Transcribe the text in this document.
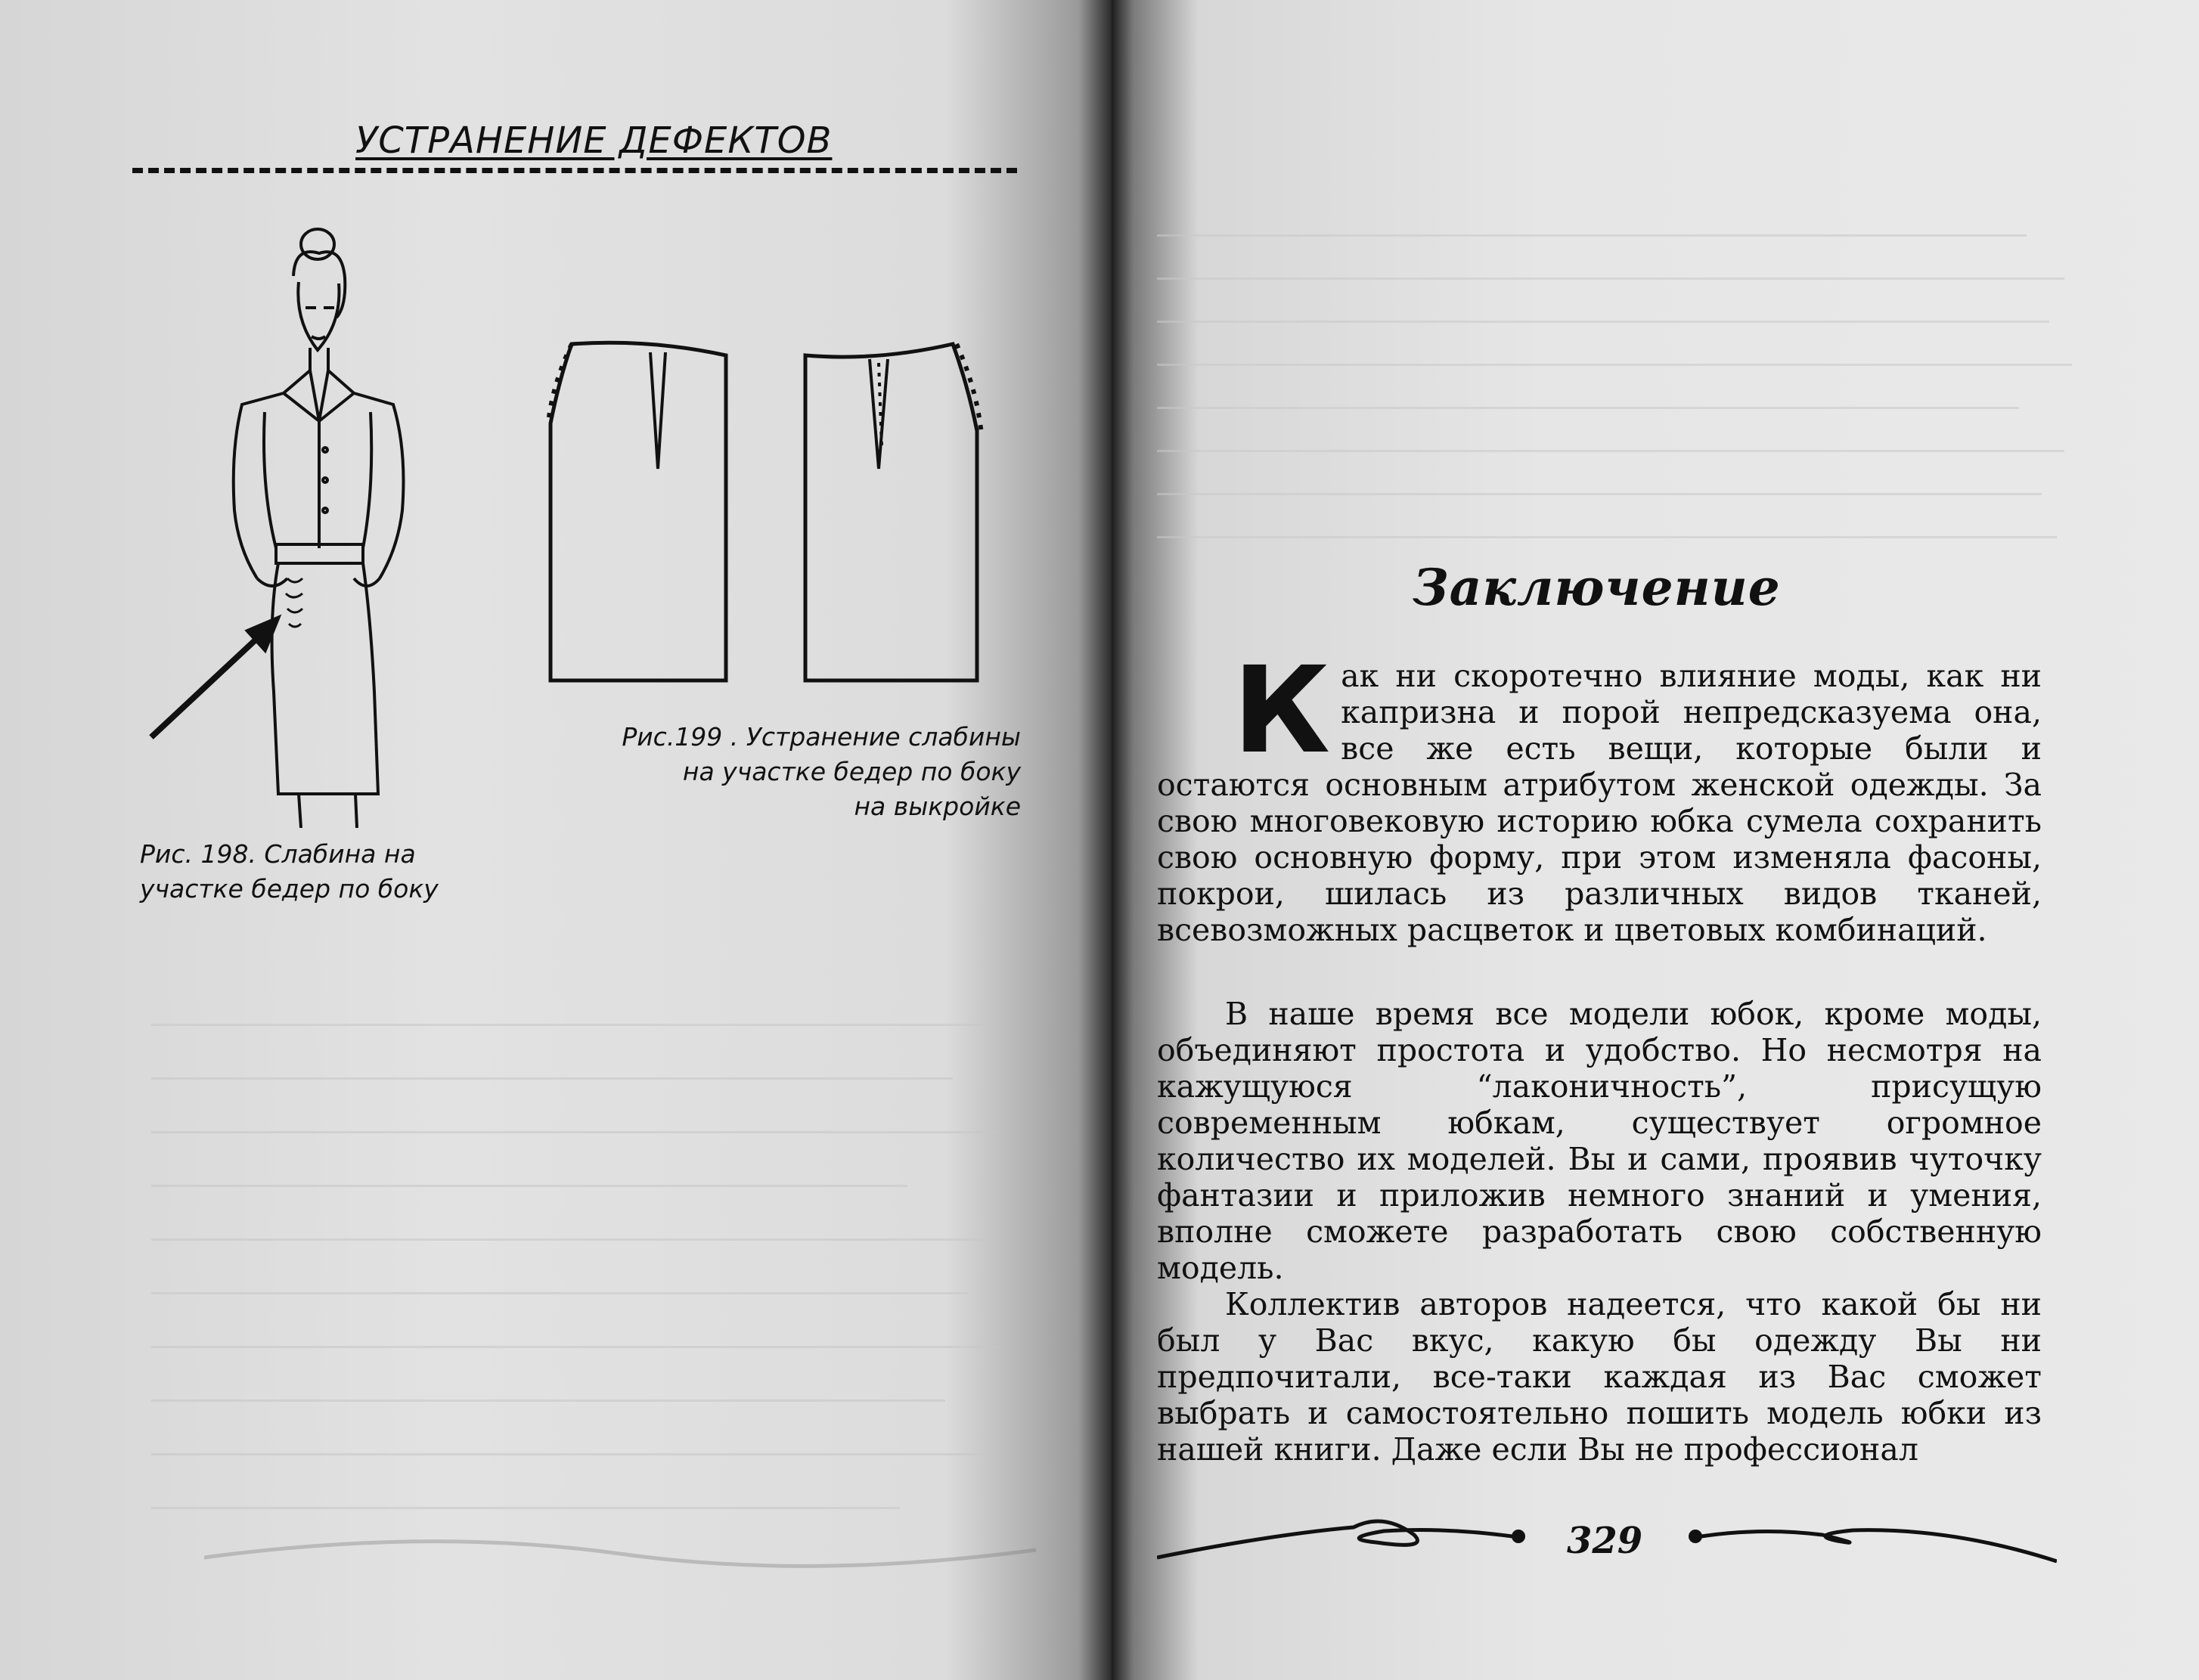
УСТРАНЕНИЕ ДЕФЕКТОВ
Рис. 198. Слабина на
участке бедер по боку
Рис.199 . Устранение слабины
на участке бедер по боку
на выкройке
Заключение
К ак ни скоротечно влияние моды, как ни капризна и порой непредсказуема она, все же есть вещи, которые были и остаются основным атрибутом женской одежды. За свою многовековую историю юбка сумела сохранить свою основную форму, при этом изменяла фасоны, покрои, шилась из различных видов тканей, всевозможных расцветок и цветовых комбинаций.
В наше время все модели юбок, кроме моды, объединяют простота и удобство. Но несмотря на кажущуюся “лаконичность”, присущую современным юбкам, существует огромное количество их моделей. Вы и сами, проявив чуточку фантазии и приложив немного знаний и умения, вполне сможете разработать свою собственную модель.
Коллектив авторов надеется, что какой бы ни был у Вас вкус, какую бы одежду Вы ни предпочитали, все-таки каждая из Вас сможет выбрать и самостоятельно пошить модель юбки из нашей книги. Даже если Вы не профессионал
329
